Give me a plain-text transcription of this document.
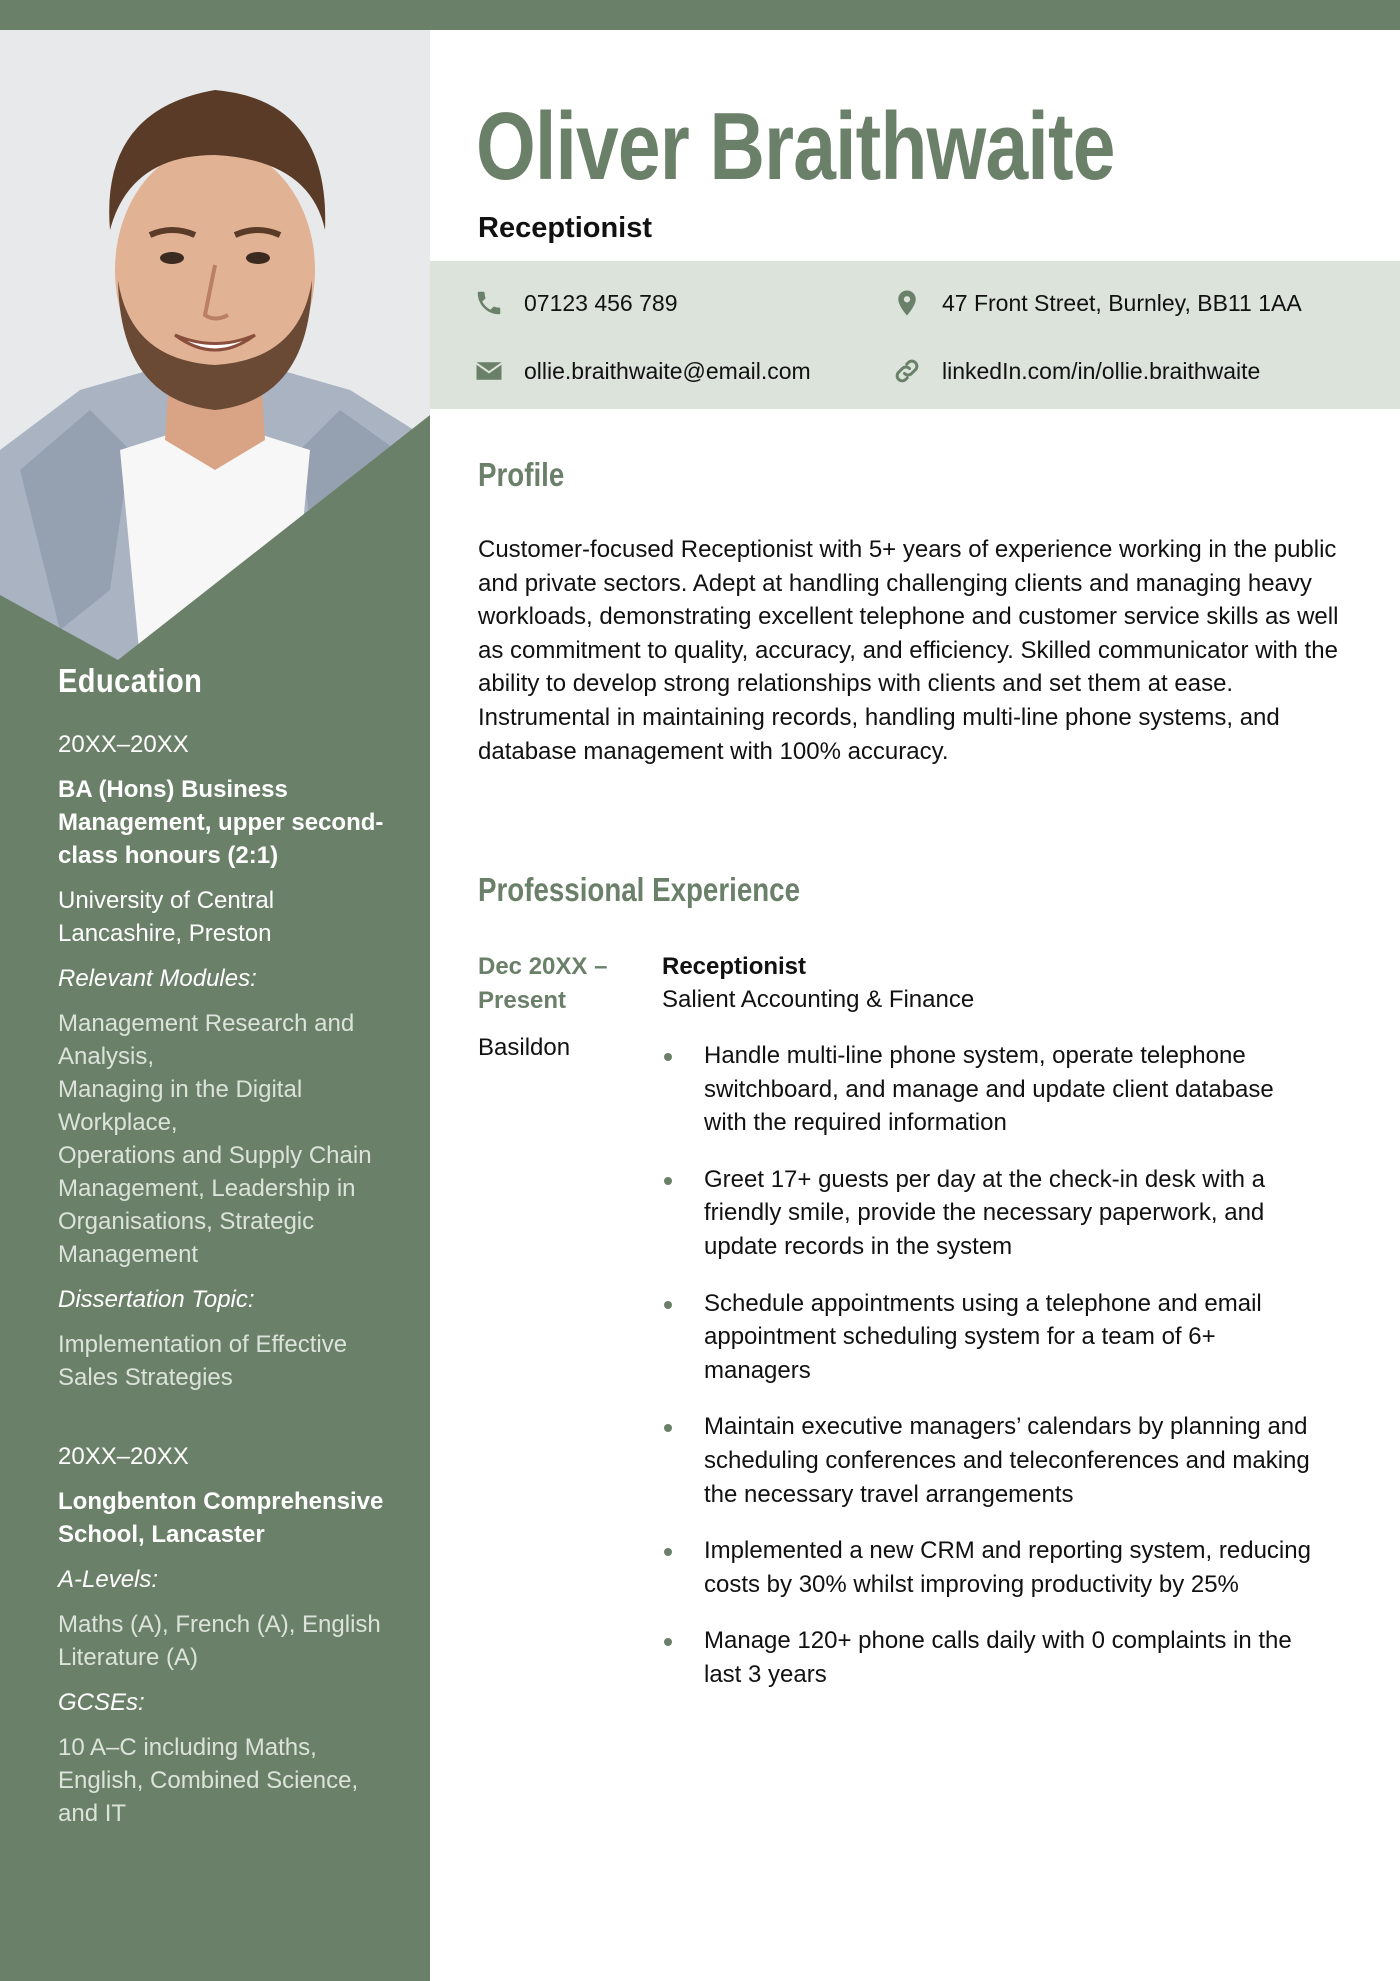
Education
20XX–20XX
BA (Hons) Business Management, upper second-class honours (2:1)
University of Central Lancashire, Preston
Relevant Modules:
Management Research and Analysis,
Managing in the Digital Workplace,
Operations and Supply Chain Management, Leadership in Organisations, Strategic Management
Dissertation Topic:
Implementation of Effective Sales Strategies
20XX–20XX
Longbenton Comprehensive School, Lancaster
A-Levels:
Maths (A), French (A), English Literature (A)
GCSEs:
10 A–C including Maths, English, Combined Science, and IT
Oliver Braithwaite
Receptionist
07123 456 789	47 Front Street, Burnley, BB11 1AA
ollie.braithwaite@email.com	linkedIn.com/in/ollie.braithwaite
Profile
Customer-focused Receptionist with 5+ years of experience working in the public and private sectors. Adept at handling challenging clients and managing heavy workloads, demonstrating excellent telephone and customer service skills as well as commitment to quality, accuracy, and efficiency. Skilled communicator with the ability to develop strong relationships with clients and set them at ease. Instrumental in maintaining records, handling multi-line phone systems, and database management with 100% accuracy.
Professional Experience
Dec 20XX – Present
Basildon
Receptionist
Salient Accounting & Finance
Handle multi-line phone system, operate telephone switchboard, and manage and update client database with the required information
Greet 17+ guests per day at the check-in desk with a friendly smile, provide the necessary paperwork, and update records in the system
Schedule appointments using a telephone and email appointment scheduling system for a team of 6+ managers
Maintain executive managers’ calendars by planning and scheduling conferences and teleconferences and making the necessary travel arrangements
Implemented a new CRM and reporting system, reducing costs by 30% whilst improving productivity by 25%
Manage 120+ phone calls daily with 0 complaints in the last 3 years
